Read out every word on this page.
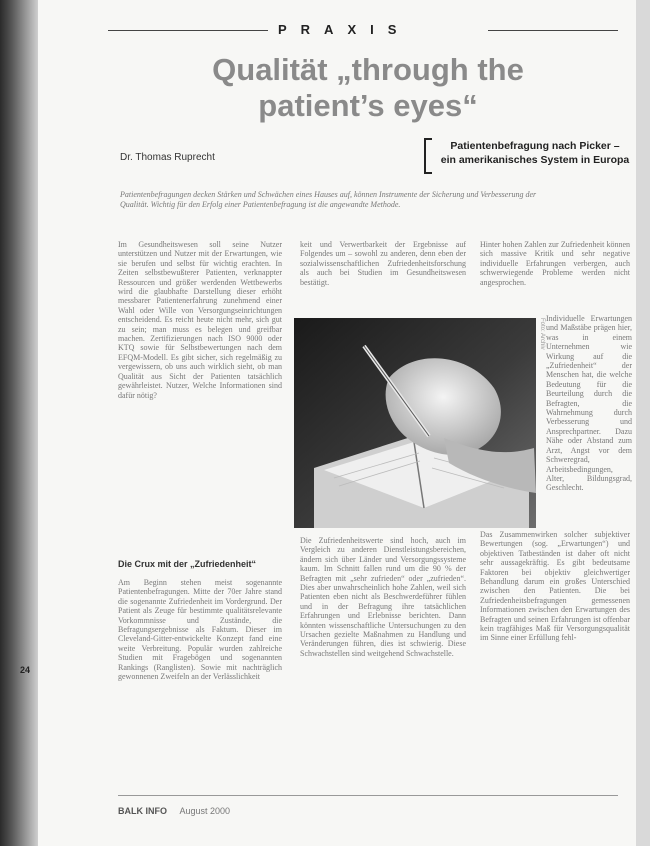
PRAXIS
Qualität „through the
patient’s eyes“
Dr. Thomas Ruprecht
Patientenbefragung nach Picker –
ein amerikanisches System in Europa
Patientenbefragungen decken Stärken und Schwächen eines Hauses auf, können Instrumente der Sicherung und Verbesserung der Qualität. Wichtig für den Erfolg einer Patientenbefragung ist die angewandte Methode.
Im Gesundheitswesen soll seine Nutzer unterstützen und Nutzer mit der Erwartungen, wie sie berufen und selbst für wichtig erachten. In Zeiten selbstbewußterer Patienten, verknappter Ressourcen und größer werdenden Wettbewerbs wird die glaubhafte Darstellung dieser erhöht messbarer Patientenerfahrung zunehmend einer Wahl oder Wille von Versorgungseinrichtungen entscheidend. Es reicht heute nicht mehr, sich gut zu sein; man muss es belegen und greifbar machen. Zertifizierungen nach ISO 9000 oder KTQ sowie für Selbstbewertungen nach dem EFQM-Modell. Es gibt sicher, sich regelmäßig zu vergewissern, ob uns auch wirklich sieht, ob man Qualität aus Sicht der Patienten tatsächlich gewährleistet. Nutzer, Welche Informationen sind dafür nötig?
Die Crux mit der „Zufriedenheit“
Am Beginn stehen meist sogenannte Patientenbefragungen. Mitte der 70er Jahre stand die sogenannte Zufriedenheit im Vordergrund. Der Patient als Zeuge für bestimmte qualitätsrelevante Vorkommnisse und Zustände, die Befragungsergebnisse als Faktum. Dieser im Cleveland-Gitter-entwickelte Konzept fand eine weite Verbreitung. Populär wurden zahlreiche Studien mit Fragebögen und sogenannten Rankings (Ranglisten). Sowie mit nachträglich gewonnenen Zweifeln an der Verlässlichkeit
keit und Verwertbarkeit der Ergebnisse auf Folgendes um – sowohl zu anderen, denn eben der sozialwissenschaftlichen Zufriedenheitsforschung als auch bei Studien im Gesundheitswesen bestätigt.
Hinter hohen Zahlen zur Zufriedenheit können sich massive Kritik und sehr negative individuelle Erfahrungen verbergen, auch schwerwiegende Probleme werden nicht angesprochen.
Foto: Archiv Individuelle Erwartungen und Maßstäbe prägen hier, was in einem Unternehmen wie Wirkung auf die „Zufriedenheit“ der Menschen hat, die welche Bedeutung für die Beurteilung durch die Befragten, die Wahrnehmung durch Verbesserung und Ansprechpartner. Dazu Nähe oder Abstand zum Arzt, Angst vor dem Schweregrad, Arbeitsbedingungen, Alter, Bildungsgrad, Geschlecht.
Die Zufriedenheitswerte sind hoch, auch im Vergleich zu anderen Dienstleistungsbereichen, ändern sich über Länder und Versorgungssysteme kaum. Im Schnitt fallen rund um die 90 % der Befragten mit „sehr zufrieden“ oder „zufrieden“. Dies aber unwahrscheinlich hohe Zahlen, weil sich Patienten eben nicht als Beschwerdeführer fühlen und in der Befragung ihre tatsächlichen Erfahrungen und Erlebnisse berichten. Dann könnten wissenschaftliche Untersuchungen zu den Ursachen gezielte Maßnahmen zu Handlung und Veränderungen führen, dies ist schwierig. Diese Schwachstellen sind weitgehend Schwachstelle.
Das Zusammenwirken solcher subjektiver Bewertungen (sog. „Erwartungen“) und objektiven Tatbeständen ist daher oft nicht sehr aussagekräftig. Es gibt bedeutsame Faktoren bei objektiv gleichwertiger Behandlung darum ein großes Unterschied zwischen den Patienten. Die bei Zufriedenheitsbefragungen gemessenen Informationen zwischen den Erwartungen des Befragten und seinen Erfahrungen ist offenbar kein tragfähiges Maß für Versorgungsqualität im Sinne einer Erfüllung fehl-
BALK INFO August 2000
24
